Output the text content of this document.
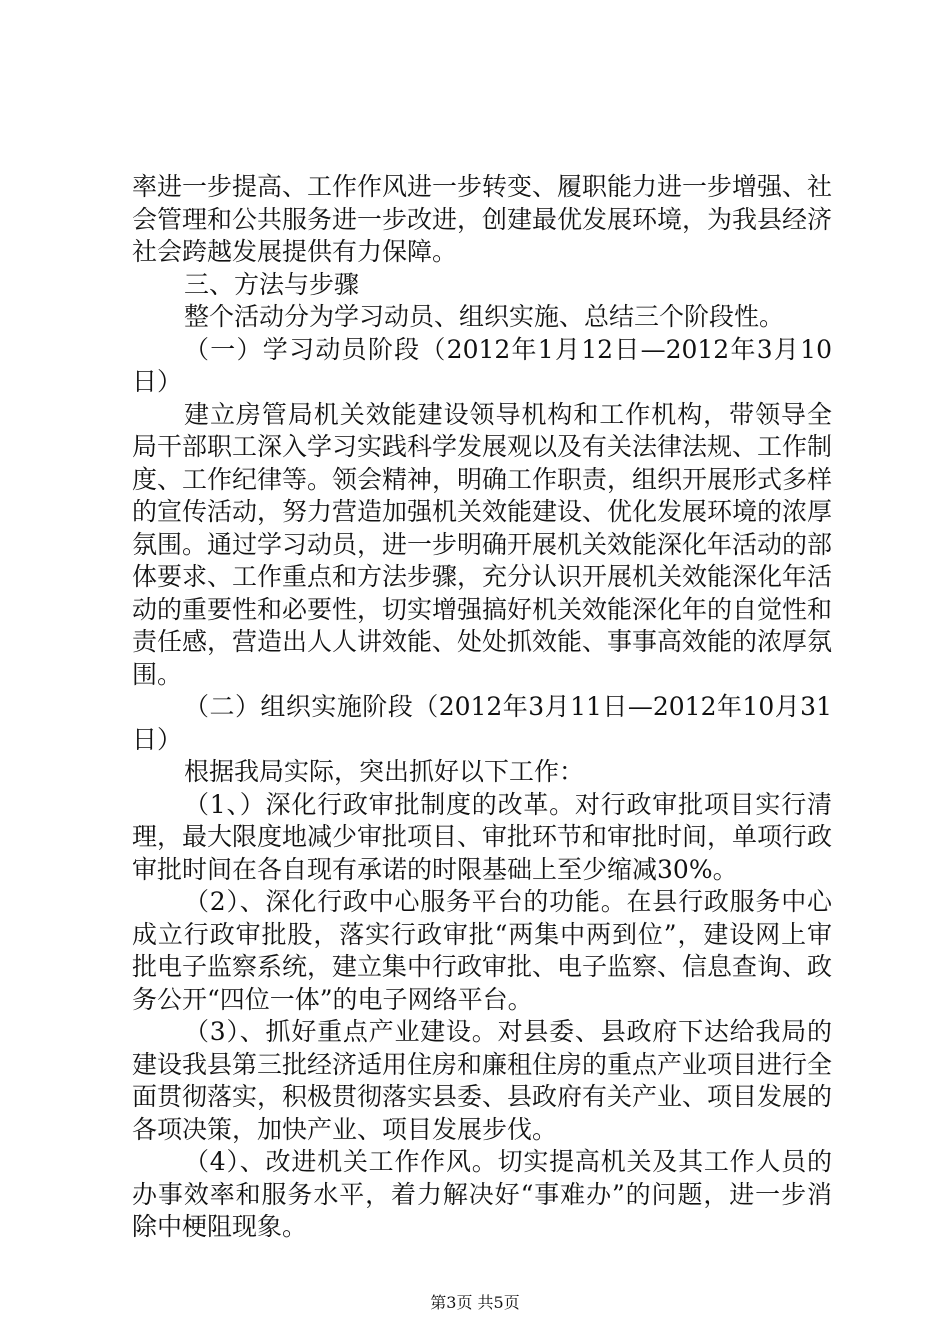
率进一步提高、工作作风进一步转变、履职能力进一步增强、社会管理和公共服务进一步改进，创建最优发展环境，为我县经济社会跨越发展提供有力保障。

三、方法与步骤

整个活动分为学习动员、组织实施、总结三个阶段性。

（一）学习动员阶段（2012年1月12日—2012年3月10日）

建立房管局机关效能建设领导机构和工作机构，带领导全局干部职工深入学习实践科学发展观以及有关法律法规、工作制度、工作纪律等。领会精神，明确工作职责，组织开展形式多样的宣传活动，努力营造加强机关效能建设、优化发展环境的浓厚氛围。通过学习动员，进一步明确开展机关效能深化年活动的部体要求、工作重点和方法步骤，充分认识开展机关效能深化年活动的重要性和必要性，切实增强搞好机关效能深化年的自觉性和责任感，营造出人人讲效能、处处抓效能、事事高效能的浓厚氛围。

（二）组织实施阶段（2012年3月11日—2012年10月31日）

根据我局实际，突出抓好以下工作：

（1、）深化行政审批制度的改革。对行政审批项目实行清理，最大限度地减少审批项目、审批环节和审批时间，单项行政审批时间在各自现有承诺的时限基础上至少缩减30%。

（2）、深化行政中心服务平台的功能。在县行政服务中心成立行政审批股，落实行政审批“两集中两到位”，建设网上审批电子监察系统，建立集中行政审批、电子监察、信息查询、政务公开“四位一体”的电子网络平台。

（3）、抓好重点产业建设。对县委、县政府下达给我局的建设我县第三批经济适用住房和廉租住房的重点产业项目进行全面贯彻落实，积极贯彻落实县委、县政府有关产业、项目发展的各项决策，加快产业、项目发展步伐。

（4）、改进机关工作作风。切实提高机关及其工作人员的办事效率和服务水平，着力解决好“事难办”的问题，进一步消除中梗阻现象。

第3页 共5页
